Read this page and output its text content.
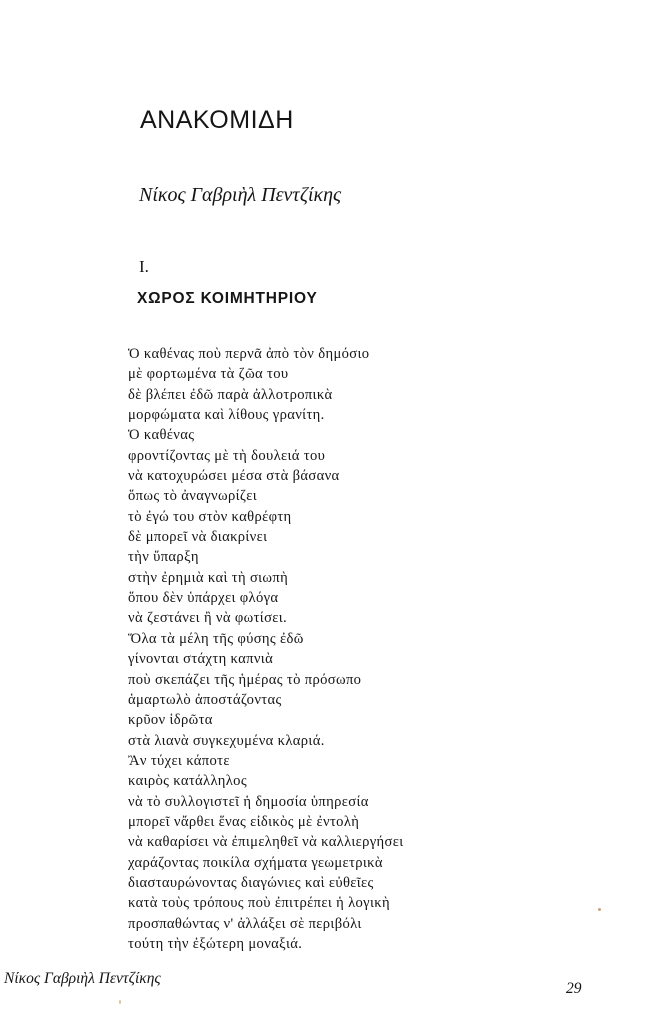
ΑΝΑΚΟΜΙΔΗ
Νίκος Γαβριὴλ Πεντζίκης
Ι.
ΧΩΡΟΣ ΚΟΙΜΗΤΗΡΙΟΥ
Ὁ καθένας ποὺ περνᾶ ἀπὸ τὸν δημόσιο
μὲ φορτωμένα τὰ ζῶα του
δὲ βλέπει ἐδῶ παρὰ ἀλλοτροπικὰ
μορφώματα καὶ λίθους γρανίτη.
Ὁ καθένας
φροντίζοντας μὲ τὴ δουλειά του
νὰ κατοχυρώσει μέσα στὰ βάσανα
ὅπως τὸ ἀναγνωρίζει
τὸ ἐγώ του στὸν καθρέφτη
δὲ μπορεῖ νὰ διακρίνει
τὴν ὕπαρξη
στὴν ἐρημιὰ καὶ τὴ σιωπὴ
ὅπου δὲν ὑπάρχει φλόγα
νὰ ζεστάνει ἢ νὰ φωτίσει.
Ὅλα τὰ μέλη τῆς φύσης ἐδῶ
γίνονται στάχτη καπνιὰ
ποὺ σκεπάζει τῆς ἡμέρας τὸ πρόσωπο
ἁμαρτωλὸ ἀποστάζοντας
κρῦον ἱδρῶτα
στὰ λιανὰ συγκεχυμένα κλαριά.
Ἂν τύχει κάποτε
καιρὸς κατάλληλος
νὰ τὸ συλλογιστεῖ ἡ δημοσία ὑπηρεσία
μπορεῖ νἄρθει ἕνας εἰδικὸς μὲ ἐντολὴ
νὰ καθαρίσει νὰ ἐπιμεληθεῖ νὰ καλλιεργήσει
χαράζοντας ποικίλα σχήματα γεωμετρικὰ
διασταυρώνοντας διαγώνιες καὶ εὐθεῖες
κατὰ τοὺς τρόπους ποὺ ἐπιτρέπει ἡ λογικὴ
προσπαθώντας ν' ἀλλάξει σὲ περιβόλι
τούτη τὴν ἐξώτερη μοναξιά.
Νίκος Γαβριὴλ Πεντζίκης
29
